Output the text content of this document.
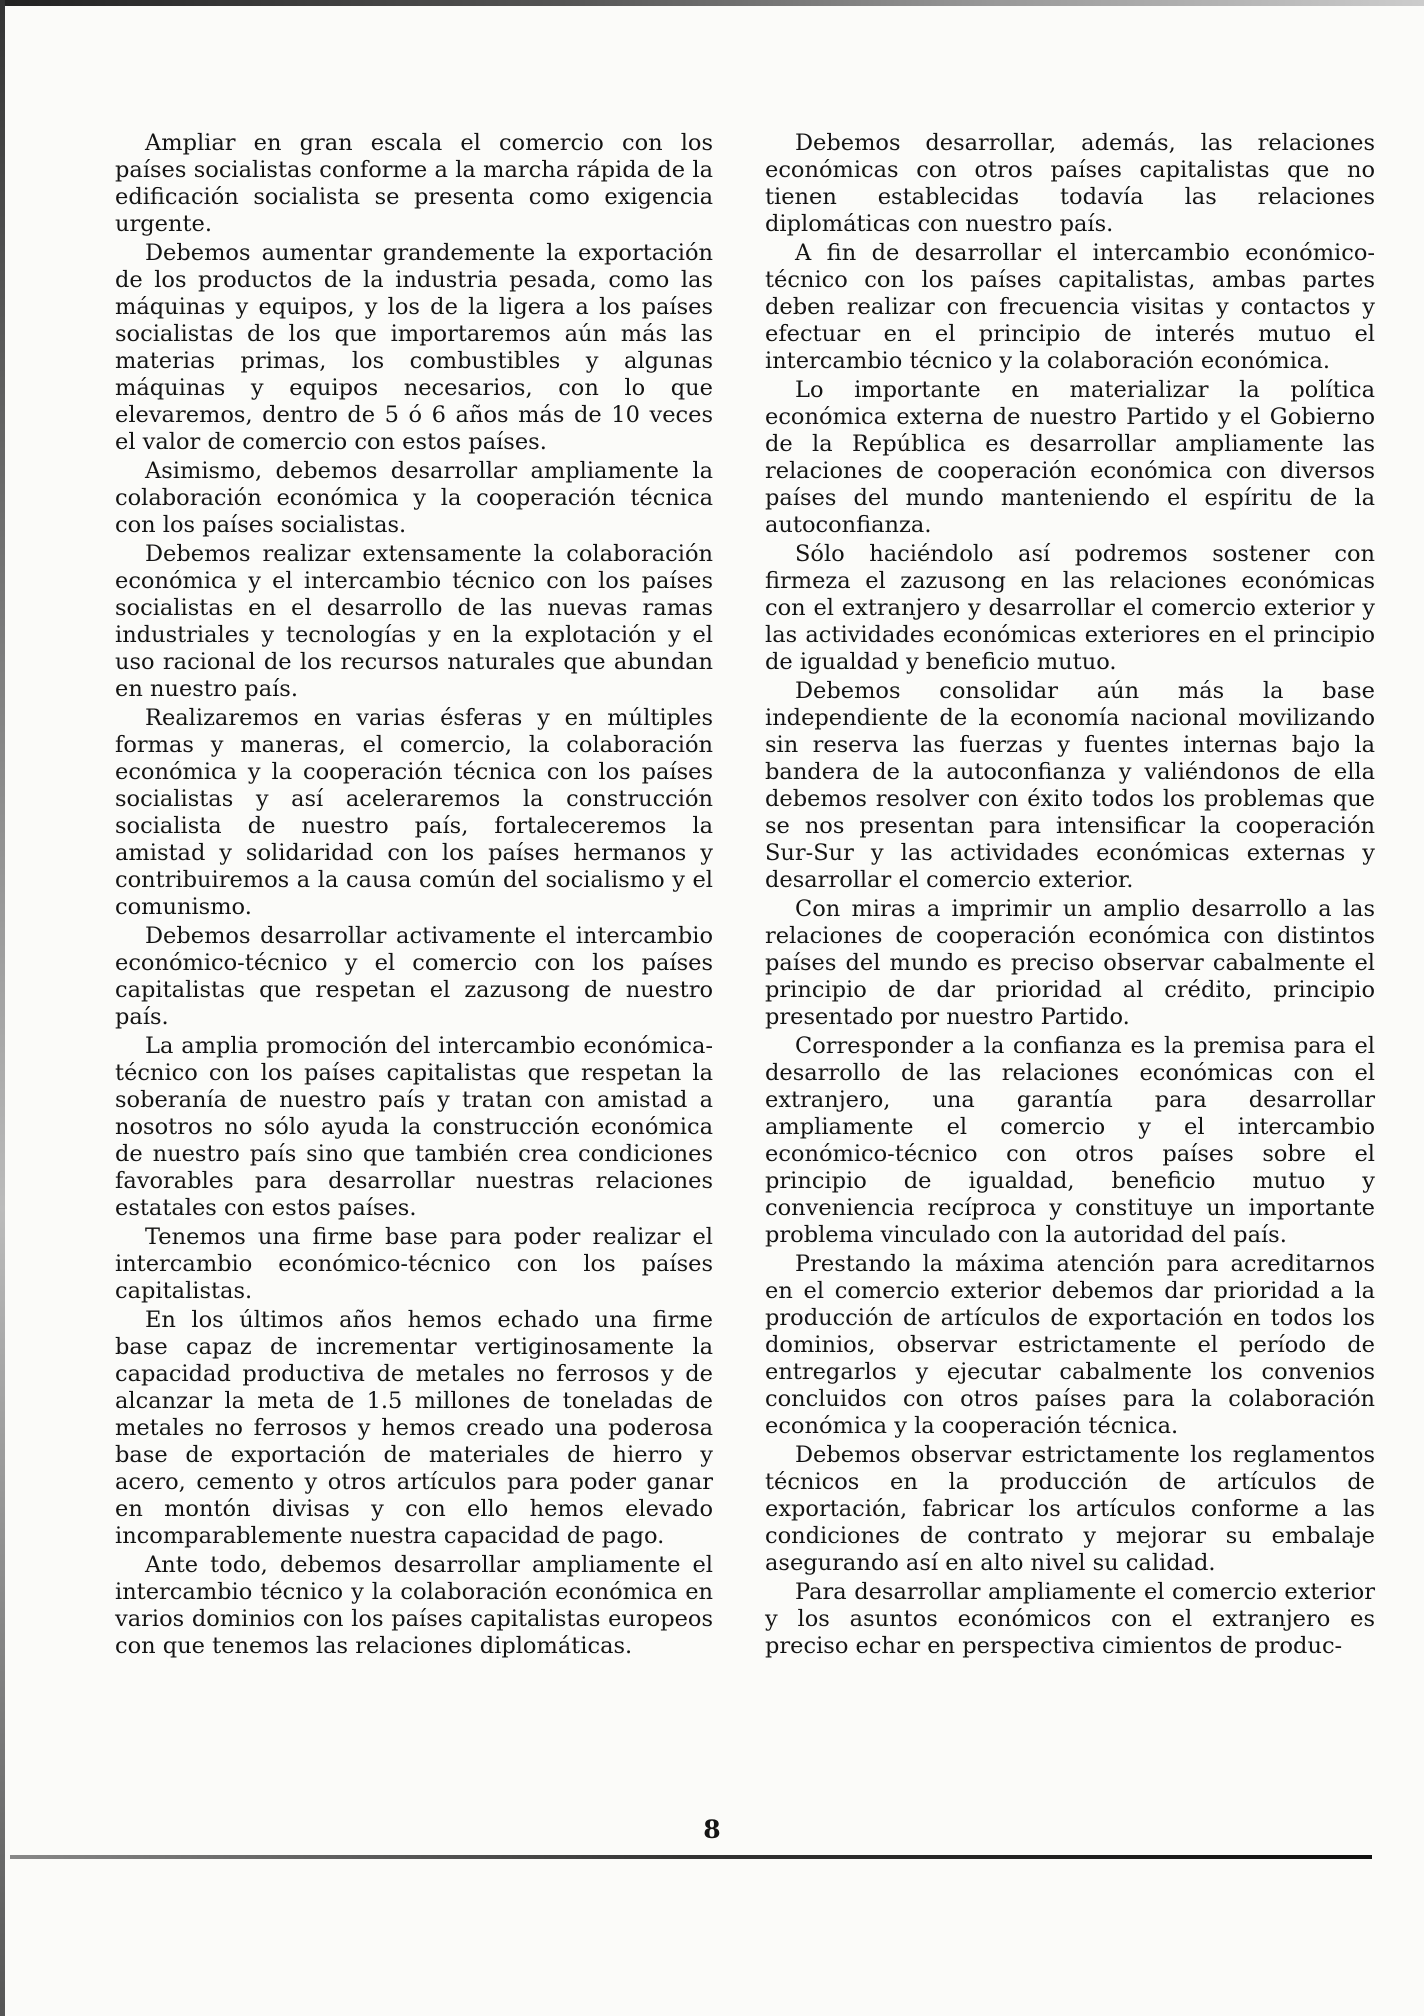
Ampliar en gran escala el comercio con los países socialistas conforme a la marcha rápida de la edificación socialista se presenta como exigencia urgente.

Debemos aumentar grandemente la exportación de los productos de la industria pesada, como las máquinas y equipos, y los de la ligera a los países socialistas de los que importaremos aún más las materias primas, los combustibles y algunas máquinas y equipos necesarios, con lo que elevaremos, dentro de 5 ó 6 años más de 10 veces el valor de comercio con estos países.

Asimismo, debemos desarrollar ampliamente la colaboración económica y la cooperación técnica con los países socialistas.

Debemos realizar extensamente la colaboración económica y el intercambio técnico con los países socialistas en el desarrollo de las nuevas ramas industriales y tecnologías y en la explotación y el uso racional de los recursos naturales que abundan en nuestro país.

Realizaremos en varias ésferas y en múltiples formas y maneras, el comercio, la colaboración económica y la cooperación técnica con los países socialistas y así aceleraremos la construcción socialista de nuestro país, fortaleceremos la amistad y solidaridad con los países hermanos y contribuiremos a la causa común del socialismo y el comunismo.

Debemos desarrollar activamente el intercambio económico-técnico y el comercio con los países capitalistas que respetan el zazusong de nuestro país.

La amplia promoción del intercambio económica-técnico con los países capitalistas que respetan la soberanía de nuestro país y tratan con amistad a nosotros no sólo ayuda la construcción económica de nuestro país sino que también crea condiciones favorables para desarrollar nuestras relaciones estatales con estos países.

Tenemos una firme base para poder realizar el intercambio económico-técnico con los países capitalistas.

En los últimos años hemos echado una firme base capaz de incrementar vertiginosamente la capacidad productiva de metales no ferrosos y de alcanzar la meta de 1.5 millones de toneladas de metales no ferrosos y hemos creado una poderosa base de exportación de materiales de hierro y acero, cemento y otros artículos para poder ganar en montón divisas y con ello hemos elevado incomparablemente nuestra capacidad de pago.

Ante todo, debemos desarrollar ampliamente el intercambio técnico y la colaboración económica en varios dominios con los países capitalistas europeos con que tenemos las relaciones diplomáticas.

Debemos desarrollar, además, las relaciones económicas con otros países capitalistas que no tienen establecidas todavía las relaciones diplomáticas con nuestro país.

A fin de desarrollar el intercambio económico-técnico con los países capitalistas, ambas partes deben realizar con frecuencia visitas y contactos y efectuar en el principio de interés mutuo el intercambio técnico y la colaboración económica.

Lo importante en materializar la política económica externa de nuestro Partido y el Gobierno de la República es desarrollar ampliamente las relaciones de cooperación económica con diversos países del mundo manteniendo el espíritu de la autoconfianza.

Sólo haciéndolo así podremos sostener con firmeza el zazusong en las relaciones económicas con el extranjero y desarrollar el comercio exterior y las actividades económicas exteriores en el principio de igualdad y beneficio mutuo.

Debemos consolidar aún más la base independiente de la economía nacional movilizando sin reserva las fuerzas y fuentes internas bajo la bandera de la autoconfianza y valiéndonos de ella debemos resolver con éxito todos los problemas que se nos presentan para intensificar la cooperación Sur-Sur y las actividades económicas externas y desarrollar el comercio exterior.

Con miras a imprimir un amplio desarrollo a las relaciones de cooperación económica con distintos países del mundo es preciso observar cabalmente el principio de dar prioridad al crédito, principio presentado por nuestro Partido.

Corresponder a la confianza es la premisa para el desarrollo de las relaciones económicas con el extranjero, una garantía para desarrollar ampliamente el comercio y el intercambio económico-técnico con otros países sobre el principio de igualdad, beneficio mutuo y conveniencia recíproca y constituye un importante problema vinculado con la autoridad del país.

Prestando la máxima atención para acreditarnos en el comercio exterior debemos dar prioridad a la producción de artículos de exportación en todos los dominios, observar estrictamente el período de entregarlos y ejecutar cabalmente los convenios concluidos con otros países para la colaboración económica y la cooperación técnica.

Debemos observar estrictamente los reglamentos técnicos en la producción de artículos de exportación, fabricar los artículos conforme a las condiciones de contrato y mejorar su embalaje asegurando así en alto nivel su calidad.

Para desarrollar ampliamente el comercio exterior y los asuntos económicos con el extranjero es preciso echar en perspectiva cimientos de produc-

8
